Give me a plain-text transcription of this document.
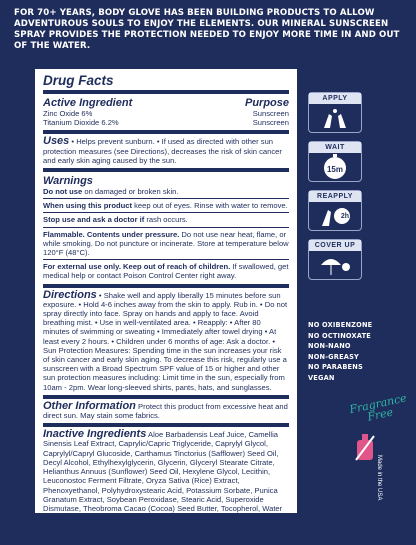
FOR 70+ YEARS, BODY GLOVE HAS BEEN BUILDING PRODUCTS TO ALLOW ADVENTUROUS SOULS TO ENJOY THE ELEMENTS. OUR MINERAL SUNSCREEN SPRAY PROVIDES THE PROTECTION NEEDED TO ENJOY MORE TIME IN AND OUT OF THE WATER.
Drug Facts
Active Ingredient	Purpose
Zinc Oxide 6%	Sunscreen
Titanium Dioxide 6.2%	Sunscreen

Uses • Helps prevent sunburn. • If used as directed with other sun protection measures (see Directions), decreases the risk of skin cancer and early skin aging caused by the sun.

Warnings

Do not use on damaged or broken skin.

When using this product keep out of eyes. Rinse with water to remove.

Stop use and ask a doctor if rash occurs.

Flammable. Contents under pressure. Do not use near heat, flame, or while smoking. Do not puncture or incinerate. Store at temperature below 120°F (48°C).

For external use only. Keep out of reach of children. If swallowed, get medical help or contact Poison Control Center right away.

Directions • Shake well and apply liberally 15 minutes before sun exposure. • Hold 4-6 inches away from the skin to apply. Rub in. • Do not spray directly into face. Spray on hands and apply to face. Avoid breathing mist. • Use in well-ventilated area. • Reapply: • After 80 minutes of swimming or sweating • Immediately after towel drying • At least every 2 hours. • Children under 6 months of age: Ask a doctor. • Sun Protection Measures: Spending time in the sun increases your risk of skin cancer and early skin aging. To decrease this risk, regularly use a sunscreen with a Broad Spectrum SPF value of 15 or higher and other sun protection measures including: Limit time in the sun, especially from 10am - 2pm. Wear long-sleeved shirts, pants, hats, and sunglasses.

Other Information Protect this product from excessive heat and direct sun. May stain some fabrics.

Inactive Ingredients Aloe Barbadensis Leaf Juice, Camellia Sinensis Leaf Extract, Caprylic/Capric Triglyceride, Caprylyl Glycol, Caprylyl/Capryl Glucoside, Carthamus Tinctorius (Safflower) Seed Oil, Decyl Alcohol, Ethylhexylglycerin, Glycerin, Glyceryl Stearate Citrate, Helianthus Annuus (Sunflower) Seed Oil, Hexylene Glycol, Lecithin, Leuconostoc Ferment Filtrate, Oryza Sativa (Rice) Extract, Phenoxyethanol, Polyhydroxystearic Acid, Potassium Sorbate, Punica Granatum Extract, Soybean Peroxidase, Stearic Acid, Superoxide Dismutase, Theobroma Cacao (Cocoa) Seed Butter, Tocopherol, Water (Aqua), Xanthan Gum.

Questions? Call (573) 615-1055

APPLY
WAIT
15m
REAPPLY
2h
COVER UP
NO OXIBENZONE
NO OCTINOXATE
NON-NANO
NON-GREASY
NO PARABENS
VEGAN
Fragrance Free
Made in the USA
